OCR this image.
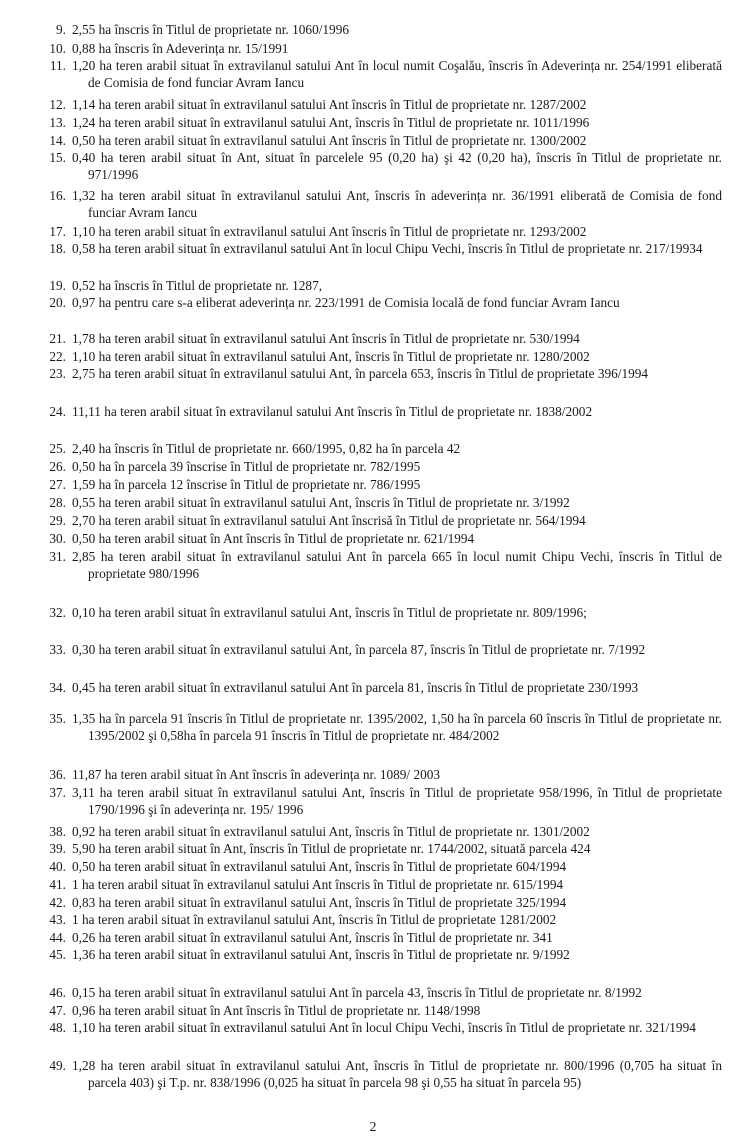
9. 2,55 ha înscris în Titlul de proprietate nr. 1060/1996
10. 0,88 ha înscris în Adeverința nr. 15/1991
11. 1,20 ha teren arabil situat în extravilanul satului Ant în locul numit Coşalău, înscris în Adeverința nr. 254/1991 eliberată de Comisia de fond funciar Avram Iancu
12. 1,14 ha teren arabil situat în extravilanul satului Ant înscris în Titlul de proprietate nr. 1287/2002
13. 1,24 ha teren arabil situat în extravilanul satului Ant, înscris în Titlul de proprietate nr. 1011/1996
14. 0,50 ha teren arabil situat în extravilanul satului Ant înscris în Titlul de proprietate nr. 1300/2002
15. 0,40 ha teren arabil situat în Ant, situat în parcelele 95 (0,20 ha) şi 42 (0,20 ha), înscris în Titlul de proprietate nr. 971/1996
16. 1,32 ha teren arabil situat în extravilanul satului Ant, înscris în adeverința nr. 36/1991 eliberată de Comisia de fond funciar Avram Iancu
17. 1,10 ha teren arabil situat în extravilanul satului Ant înscris în Titlul de proprietate nr. 1293/2002
18. 0,58 ha teren arabil situat în extravilanul satului Ant în locul Chipu Vechi, înscris în Titlul de proprietate nr. 217/19934
19. 0,52 ha înscris în Titlul de proprietate nr. 1287,
20. 0,97 ha pentru care s-a eliberat adeverința nr. 223/1991 de Comisia locală de fond funciar Avram Iancu
21. 1,78 ha teren arabil situat în extravilanul satului Ant înscris în Titlul de proprietate nr. 530/1994
22. 1,10 ha teren arabil situat în extravilanul satului Ant, înscris în Titlul de proprietate nr. 1280/2002
23. 2,75 ha teren arabil situat în extravilanul satului Ant, în parcela 653, înscris în Titlul de proprietate 396/1994
24. 11,11 ha teren arabil situat în extravilanul satului Ant înscris în Titlul de proprietate nr. 1838/2002
25. 2,40 ha înscris în Titlul de proprietate nr. 660/1995, 0,82 ha în parcela 42
26. 0,50 ha în parcela 39 înscrise în Titlul de proprietate nr. 782/1995
27. 1,59 ha în parcela 12 înscrise în Titlul de proprietate nr. 786/1995
28. 0,55 ha teren arabil situat în extravilanul satului Ant, înscris în Titlul de proprietate nr. 3/1992
29. 2,70 ha teren arabil situat în extravilanul satului Ant înscrisă în Titlul de proprietate nr. 564/1994
30. 0,50 ha teren arabil situat în Ant înscris în Titlul de proprietate nr. 621/1994
31. 2,85 ha teren arabil situat în extravilanul satului Ant în parcela 665 în locul numit Chipu Vechi, înscris în Titlul de proprietate 980/1996
32. 0,10 ha teren arabil situat în extravilanul satului Ant, înscris în Titlul de proprietate nr. 809/1996;
33. 0,30 ha teren arabil situat în extravilanul satului Ant, în parcela 87, înscris în Titlul de proprietate nr. 7/1992
34. 0,45 ha teren arabil situat în extravilanul satului Ant în parcela 81, înscris în Titlul de proprietate 230/1993
35. 1,35 ha în parcela 91 înscris în Titlul de proprietate nr. 1395/2002, 1,50 ha în parcela 60 înscris în Titlul de proprietate nr. 1395/2002 şi 0,58ha în parcela 91 înscris în Titlul de proprietate nr. 484/2002
36. 11,87 ha teren arabil situat în Ant înscris în adeverința nr. 1089/ 2003
37. 3,11 ha teren arabil situat în extravilanul satului Ant, înscris în Titlul de proprietate 958/1996, în Titlul de proprietate 1790/1996 şi în adeverința nr. 195/ 1996
38. 0,92 ha teren arabil situat în extravilanul satului Ant, înscris în Titlul de proprietate nr. 1301/2002
39. 5,90 ha teren arabil situat în Ant, înscris în Titlul de proprietate nr. 1744/2002, situată parcela 424
40. 0,50 ha teren arabil situat în extravilanul satului Ant, înscris în Titlul de proprietate 604/1994
41. 1 ha teren arabil situat în extravilanul satului Ant înscris în Titlul de proprietate nr. 615/1994
42. 0,83 ha teren arabil situat în extravilanul satului Ant, înscris în Titlul de proprietate 325/1994
43. 1 ha teren arabil situat în extravilanul satului Ant, înscris în Titlul de proprietate 1281/2002
44. 0,26 ha teren arabil situat în extravilanul satului Ant, înscris în Titlul de proprietate nr. 341
45. 1,36 ha teren arabil situat în extravilanul satului Ant, înscris în Titlul de proprietate nr. 9/1992
46. 0,15 ha teren arabil situat în extravilanul satului Ant în parcela 43, înscris în Titlul de proprietate nr. 8/1992
47. 0,96 ha teren arabil situat în Ant înscris în Titlul de proprietate nr. 1148/1998
48. 1,10 ha teren arabil situat în extravilanul satului Ant în locul Chipu Vechi, înscris în Titlul de proprietate nr. 321/1994
49. 1,28 ha teren arabil situat în extravilanul satului Ant, înscris în Titlul de proprietate nr. 800/1996 (0,705 ha situat în parcela 403) şi T.p. nr. 838/1996 (0,025 ha situat în parcela 98 şi 0,55 ha situat în parcela 95)
2
